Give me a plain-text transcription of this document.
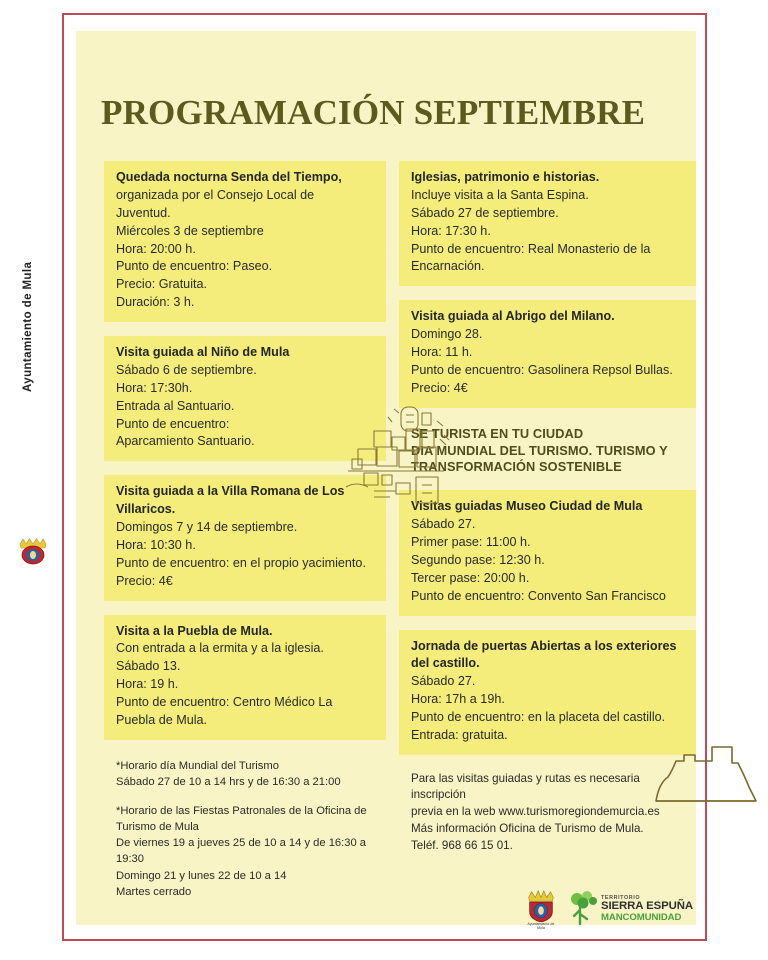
Ayuntamiento de Mula
PROGRAMACIÓN SEPTIEMBRE

Quedada nocturna Senda del Tiempo,

organizada por el Consejo Local de

Juventud.

Miércoles 3 de septiembre

Hora: 20:00 h.

Punto de encuentro: Paseo.

Precio: Gratuita.

Duración: 3 h.

Visita guiada al Niño de Mula

Sábado 6 de septiembre.

Hora: 17:30h.

Entrada al Santuario.

Punto de encuentro:

Aparcamiento Santuario.

Visita guiada a la Villa Romana de Los Villaricos.

Domingos 7 y 14 de septiembre.

Hora: 10:30 h.

Punto de encuentro: en el propio yacimiento.

Precio: 4€

Visita a la Puebla de Mula.

Con entrada a la ermita y a la iglesia.

Sábado 13.

Hora: 19 h.

Punto de encuentro: Centro Médico La Puebla de Mula.

*Horario día Mundial del Turismo

Sábado 27 de 10 a 14 hrs y de 16:30 a 21:00

*Horario de las Fiestas Patronales de la Oficina de Turismo de Mula

De viernes 19 a jueves 25 de 10 a 14 y de 16:30 a 19:30

Domingo 21 y lunes 22 de 10 a 14

Martes cerrado

Iglesias, patrimonio e historias.

Incluye visita a la Santa Espina.

Sábado 27 de septiembre.

Hora: 17:30 h.

Punto de encuentro: Real Monasterio de la Encarnación.

Visita guiada al Abrigo del Milano.

Domingo 28.

Hora: 11 h.

Punto de encuentro: Gasolinera Repsol Bullas.

Precio: 4€

SE TURISTA EN TU CIUDAD

DIA MUNDIAL DEL TURISMO. TURISMO Y

TRANSFORMACIÓN SOSTENIBLE

Visitas guiadas Museo Ciudad de Mula

Sábado 27.

Primer pase: 11:00 h.

Segundo pase: 12:30 h.

Tercer pase: 20:00 h.

Punto de encuentro: Convento San Francisco

Jornada de puertas Abiertas a los exteriores del castillo.

Sábado 27.

Hora: 17h a 19h.

Punto de encuentro: en la placeta del castillo.

Entrada: gratuita.

Para las visitas guiadas y rutas es necesaria inscripción

previa en la web www.turismoregiondemurcia.es

Más información Oficina de Turismo de Mula.

Teléf. 968 66 15 01.

Ayuntamiento de Mula
TERRITORIO
SIERRA ESPUÑA
MANCOMUNIDAD
